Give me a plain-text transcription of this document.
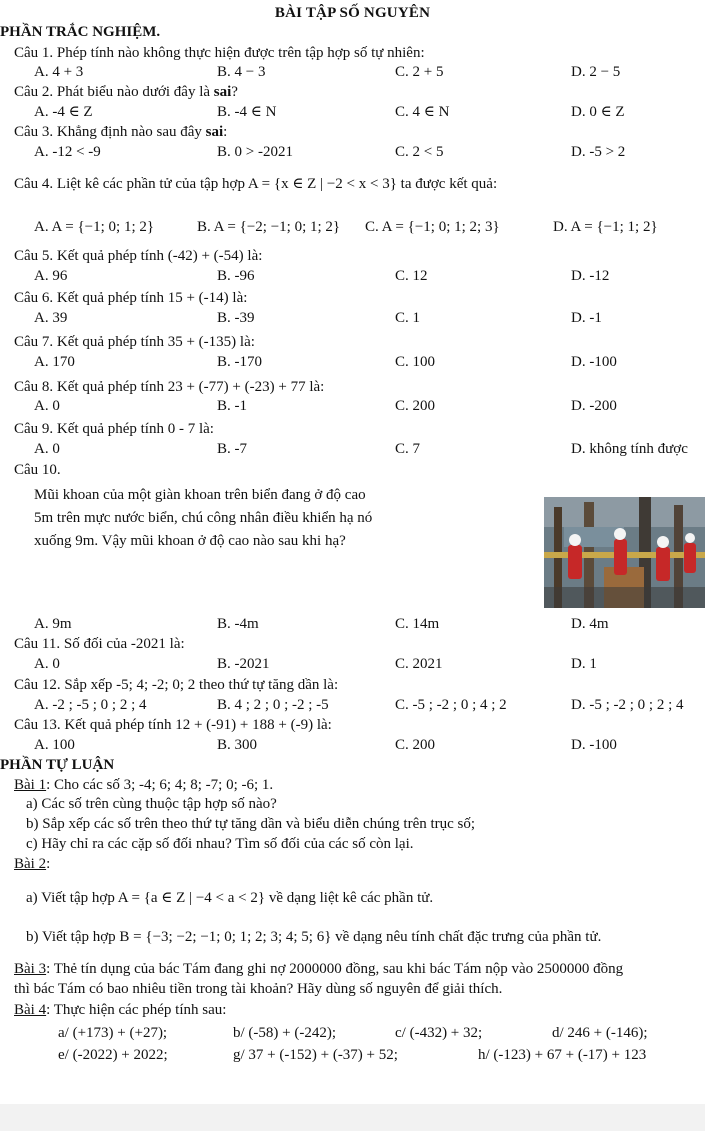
BÀI TẬP SỐ NGUYÊN
PHẦN TRẮC NGHIỆM.
Câu 1. Phép tính nào không thực hiện được trên tập hợp số tự nhiên:
A. 4 + 3	B. 4 − 3	C. 2 + 5	D. 2 − 5
Câu 2. Phát biểu nào dưới đây là sai?
A. -4 ∈ Z	B. -4 ∈ N	C. 4 ∈ N	D. 0 ∈ Z
Câu 3. Khẳng định nào sau đây sai:
A. -12 < -9	B. 0 > -2021	C. 2 < 5	D. -5 > 2
Câu 4. Liệt kê các phần tử của tập hợp A = {x ∈ Z | −2 < x < 3} ta được kết quả:
A. A = {−1; 0; 1; 2}	B. A = {−2; −1; 0; 1; 2} C. A = {−1; 0; 1; 2; 3}	D. A = {−1; 1; 2}
Câu 5. Kết quả phép tính (-42) + (-54) là:
A. 96	B. -96	C. 12	D. -12
Câu 6. Kết quả phép tính 15 + (-14) là:
A. 39	B. -39	C. 1	D. -1
Câu 7. Kết quả phép tính 35 + (-135) là:
A. 170	B. -170	C. 100	D. -100
Câu 8. Kết quả phép tính 23 + (-77) + (-23) + 77 là:
A. 0	B. -1	C. 200	D. -200
Câu 9. Kết quả phép tính 0 - 7 là:
A. 0	B. -7	C. 7	D. không tính được
Câu 10.
Mũi khoan của một giàn khoan trên biển đang ở độ cao
5m trên mực nước biển, chú công nhân điều khiển hạ nó
xuống 9m. Vậy mũi khoan ở độ cao nào sau khi hạ?
A. 9m	B. -4m	C. 14m	D. 4m
Câu 11. Số đối của -2021 là:
A. 0	B. -2021	C. 2021	D. 1
Câu 12. Sắp xếp -5; 4; -2; 0; 2 theo thứ tự tăng dần là:
A. -2 ; -5 ; 0 ; 2 ; 4	B. 4 ; 2 ; 0 ; -2 ; -5	C. -5 ; -2 ; 0 ; 4 ; 2	D. -5 ; -2 ; 0 ; 2 ; 4
Câu 13. Kết quả phép tính 12 + (-91) + 188 + (-9) là:
A. 100	B. 300	C. 200	D. -100
PHẦN TỰ LUẬN
Bài 1: Cho các số 3; -4; 6; 4; 8; -7; 0; -6; 1.
a) Các số trên cùng thuộc tập hợp số nào?
b) Sắp xếp các số trên theo thứ tự tăng dần và biểu diễn chúng trên trục số;
c) Hãy chỉ ra các cặp số đối nhau? Tìm số đối của các số còn lại.
Bài 2:
a) Viết tập hợp A = {a ∈ Z | −4 < a < 2} về dạng liệt kê các phần tử.
b) Viết tập hợp B = {−3; −2; −1; 0; 1; 2; 3; 4; 5; 6} về dạng nêu tính chất đặc trưng của phần tử.
Bài 3: Thẻ tín dụng của bác Tám đang ghi nợ 2000000 đồng, sau khi bác Tám nộp vào 2500000 đồng
thì bác Tám có bao nhiêu tiền trong tài khoản? Hãy dùng số nguyên để giải thích.
Bài 4: Thực hiện các phép tính sau:
a/ (+173) + (+27);	b/ (-58) + (-242);	c/ (-432) + 32;	d/ 246 + (-146);
e/ (-2022) + 2022;	g/ 37 + (-152) + (-37) + 52;	h/ (-123) + 67 + (-17) + 123
